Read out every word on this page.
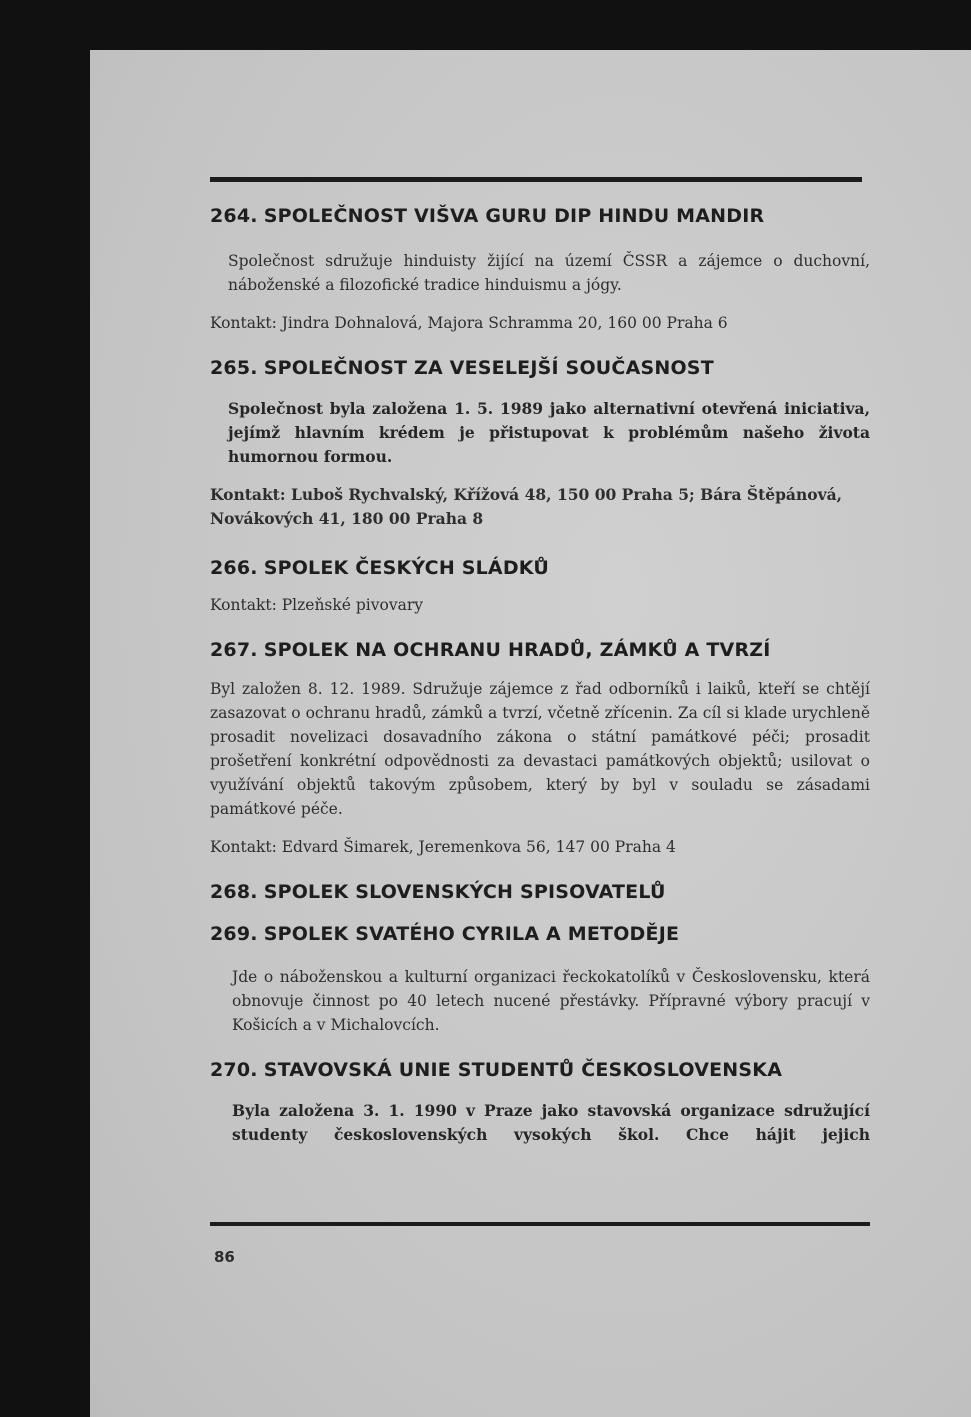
264. SPOLEČNOST VIŠVA GURU DIP HINDU MANDIR

Společnost sdružuje hinduisty žijící na území ČSSR a zájemce o duchovní, náboženské a filozofické tradice hinduismu a jógy.

Kontakt: Jindra Dohnalová, Majora Schramma 20, 160 00 Praha 6

265. SPOLEČNOST ZA VESELEJŠÍ SOUČASNOST

Společnost byla založena 1. 5. 1989 jako alternativní otevřená iniciativa, jejímž hlavním krédem je přistupovat k problémům našeho života humornou formou.

Kontakt: Luboš Rychvalský, Křížová 48, 150 00 Praha 5; Bára Štěpánová, Novákových 41, 180 00 Praha 8

266. SPOLEK ČESKÝCH SLÁDKŮ

Kontakt: Plzeňské pivovary

267. SPOLEK NA OCHRANU HRADŮ, ZÁMKŮ A TVRZÍ

Byl založen 8. 12. 1989. Sdružuje zájemce z řad odborníků i laiků, kteří se chtějí zasazovat o ochranu hradů, zámků a tvrzí, včetně zřícenin. Za cíl si klade urychleně prosadit novelizaci dosavadního zákona o státní památkové péči; prosadit prošetření konkrétní odpovědnosti za devastaci památkových objektů; usilovat o využívání objektů takovým způsobem, který by byl v souladu se zásadami památkové péče.

Kontakt: Edvard Šimarek, Jeremenkova 56, 147 00 Praha 4

268. SPOLEK SLOVENSKÝCH SPISOVATELŮ
269. SPOLEK SVATÉHO CYRILA A METODĚJE

Jde o náboženskou a kulturní organizaci řeckokatolíků v Československu, která obnovuje činnost po 40 letech nucené přestávky. Přípravné výbory pracují v Košicích a v Michalovcích.

270. STAVOVSKÁ UNIE STUDENTŮ ČESKOSLOVENSKA

Byla založena 3. 1. 1990 v Praze jako stavovská organizace sdružující studenty československých vysokých škol. Chce hájit jejich

86
